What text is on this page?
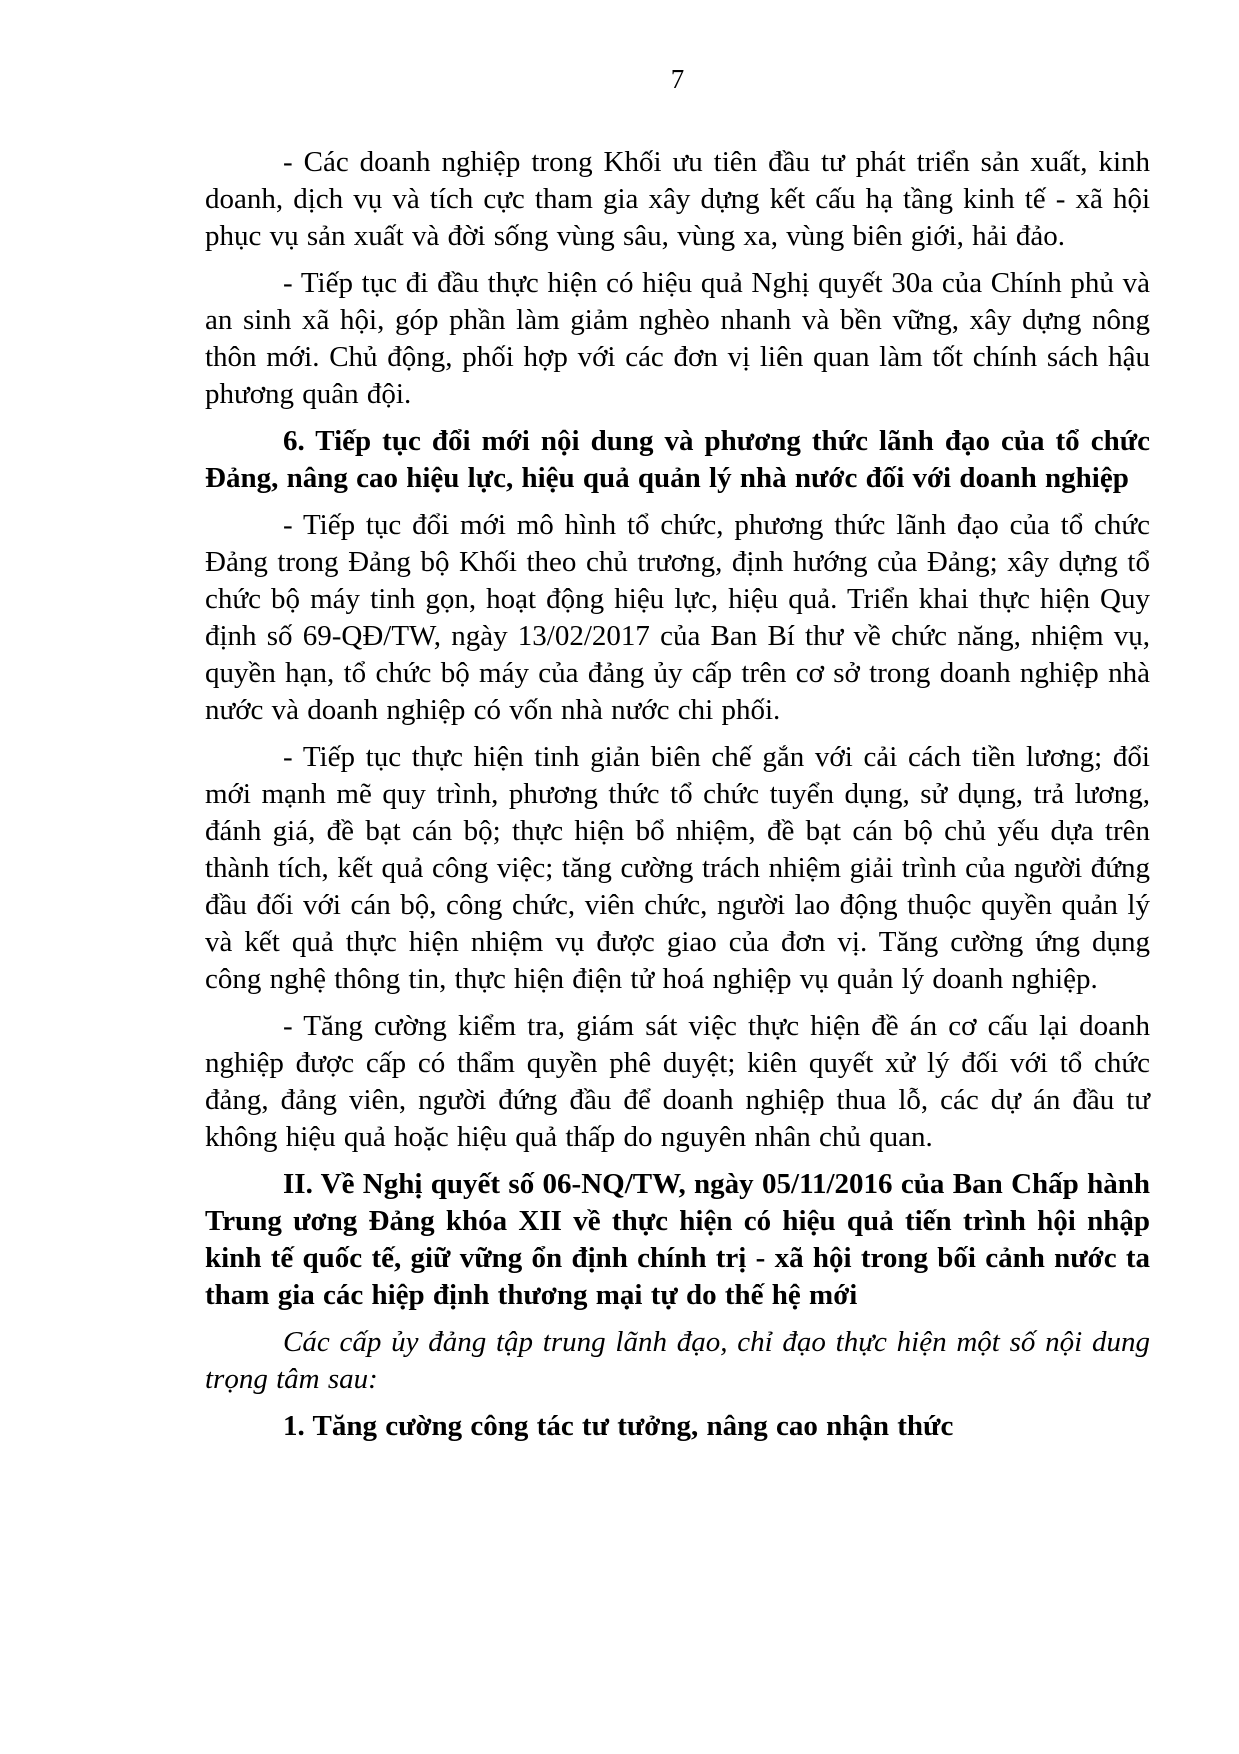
7

- Các doanh nghiệp trong Khối ưu tiên đầu tư phát triển sản xuất, kinh doanh, dịch vụ và tích cực tham gia xây dựng kết cấu hạ tầng kinh tế - xã hội phục vụ sản xuất và đời sống vùng sâu, vùng xa, vùng biên giới, hải đảo.

- Tiếp tục đi đầu thực hiện có hiệu quả Nghị quyết 30a của Chính phủ và an sinh xã hội, góp phần làm giảm nghèo nhanh và bền vững, xây dựng nông thôn mới. Chủ động, phối hợp với các đơn vị liên quan làm tốt chính sách hậu phương quân đội.

6. Tiếp tục đổi mới nội dung và phương thức lãnh đạo của tổ chức Đảng, nâng cao hiệu lực, hiệu quả quản lý nhà nước đối với doanh nghiệp

- Tiếp tục đổi mới mô hình tổ chức, phương thức lãnh đạo của tổ chức Đảng trong Đảng bộ Khối theo chủ trương, định hướng của Đảng; xây dựng tổ chức bộ máy tinh gọn, hoạt động hiệu lực, hiệu quả. Triển khai thực hiện Quy định số 69-QĐ/TW, ngày 13/02/2017 của Ban Bí thư về chức năng, nhiệm vụ, quyền hạn, tổ chức bộ máy của đảng ủy cấp trên cơ sở trong doanh nghiệp nhà nước và doanh nghiệp có vốn nhà nước chi phối.

- Tiếp tục thực hiện tinh giản biên chế gắn với cải cách tiền lương; đổi mới mạnh mẽ quy trình, phương thức tổ chức tuyển dụng, sử dụng, trả lương, đánh giá, đề bạt cán bộ; thực hiện bổ nhiệm, đề bạt cán bộ chủ yếu dựa trên thành tích, kết quả công việc; tăng cường trách nhiệm giải trình của người đứng đầu đối với cán bộ, công chức, viên chức, người lao động thuộc quyền quản lý và kết quả thực hiện nhiệm vụ được giao của đơn vị. Tăng cường ứng dụng công nghệ thông tin, thực hiện điện tử hoá nghiệp vụ quản lý doanh nghiệp.

- Tăng cường kiểm tra, giám sát việc thực hiện đề án cơ cấu lại doanh nghiệp được cấp có thẩm quyền phê duyệt; kiên quyết xử lý đối với tổ chức đảng, đảng viên, người đứng đầu để doanh nghiệp thua lỗ, các dự án đầu tư không hiệu quả hoặc hiệu quả thấp do nguyên nhân chủ quan.

II. Về Nghị quyết số 06-NQ/TW, ngày 05/11/2016 của Ban Chấp hành Trung ương Đảng khóa XII về thực hiện có hiệu quả tiến trình hội nhập kinh tế quốc tế, giữ vững ổn định chính trị - xã hội trong bối cảnh nước ta tham gia các hiệp định thương mại tự do thế hệ mới

Các cấp ủy đảng tập trung lãnh đạo, chỉ đạo thực hiện một số nội dung trọng tâm sau:

1. Tăng cường công tác tư tưởng, nâng cao nhận thức
